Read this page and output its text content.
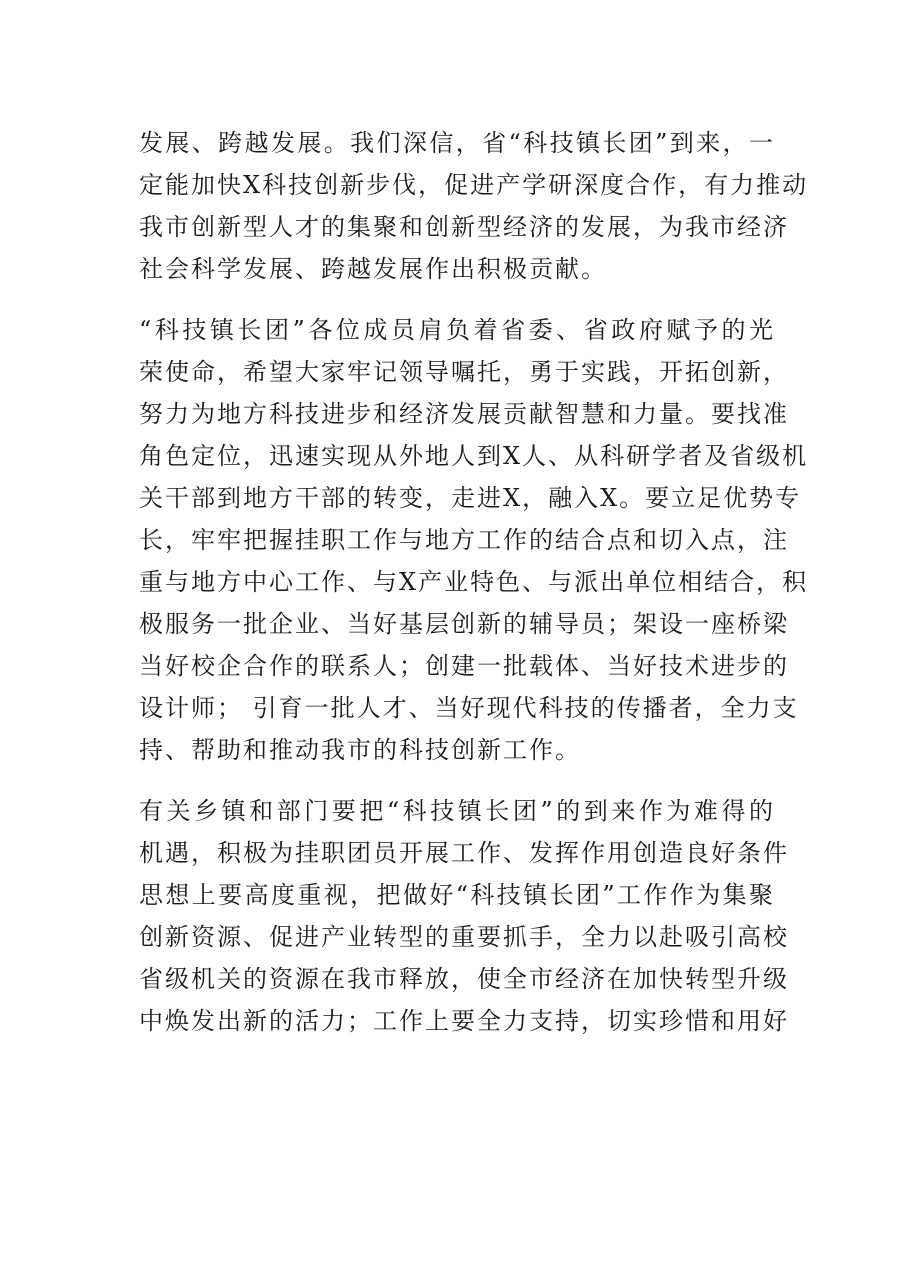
发展、跨越发展。我们深信，省“科技镇长团”到来，一
定能加快X科技创新步伐，促进产学研深度合作，有力推动
我市创新型人才的集聚和创新型经济的发展，为我市经济
社会科学发展、跨越发展作出积极贡献。
“科技镇长团”各位成员肩负着省委、省政府赋予的光
荣使命，希望大家牢记领导嘱托，勇于实践，开拓创新，
努力为地方科技进步和经济发展贡献智慧和力量。要找准
角色定位，迅速实现从外地人到X人、从科研学者及省级机
关干部到地方干部的转变，走进X，融入X。要立足优势专
长，牢牢把握挂职工作与地方工作的结合点和切入点，注
重与地方中心工作、与X产业特色、与派出单位相结合，积
极服务一批企业、当好基层创新的辅导员；架设一座桥梁
当好校企合作的联系人；创建一批载体、当好技术进步的
设计师； 引育一批人才、当好现代科技的传播者，全力支
持、帮助和推动我市的科技创新工作。
有关乡镇和部门要把“科技镇长团”的到来作为难得的
机遇，积极为挂职团员开展工作、发挥作用创造良好条件
思想上要高度重视，把做好“科技镇长团”工作作为集聚
创新资源、促进产业转型的重要抓手，全力以赴吸引高校
省级机关的资源在我市释放，使全市经济在加快转型升级
中焕发出新的活力；工作上要全力支持，切实珍惜和用好
